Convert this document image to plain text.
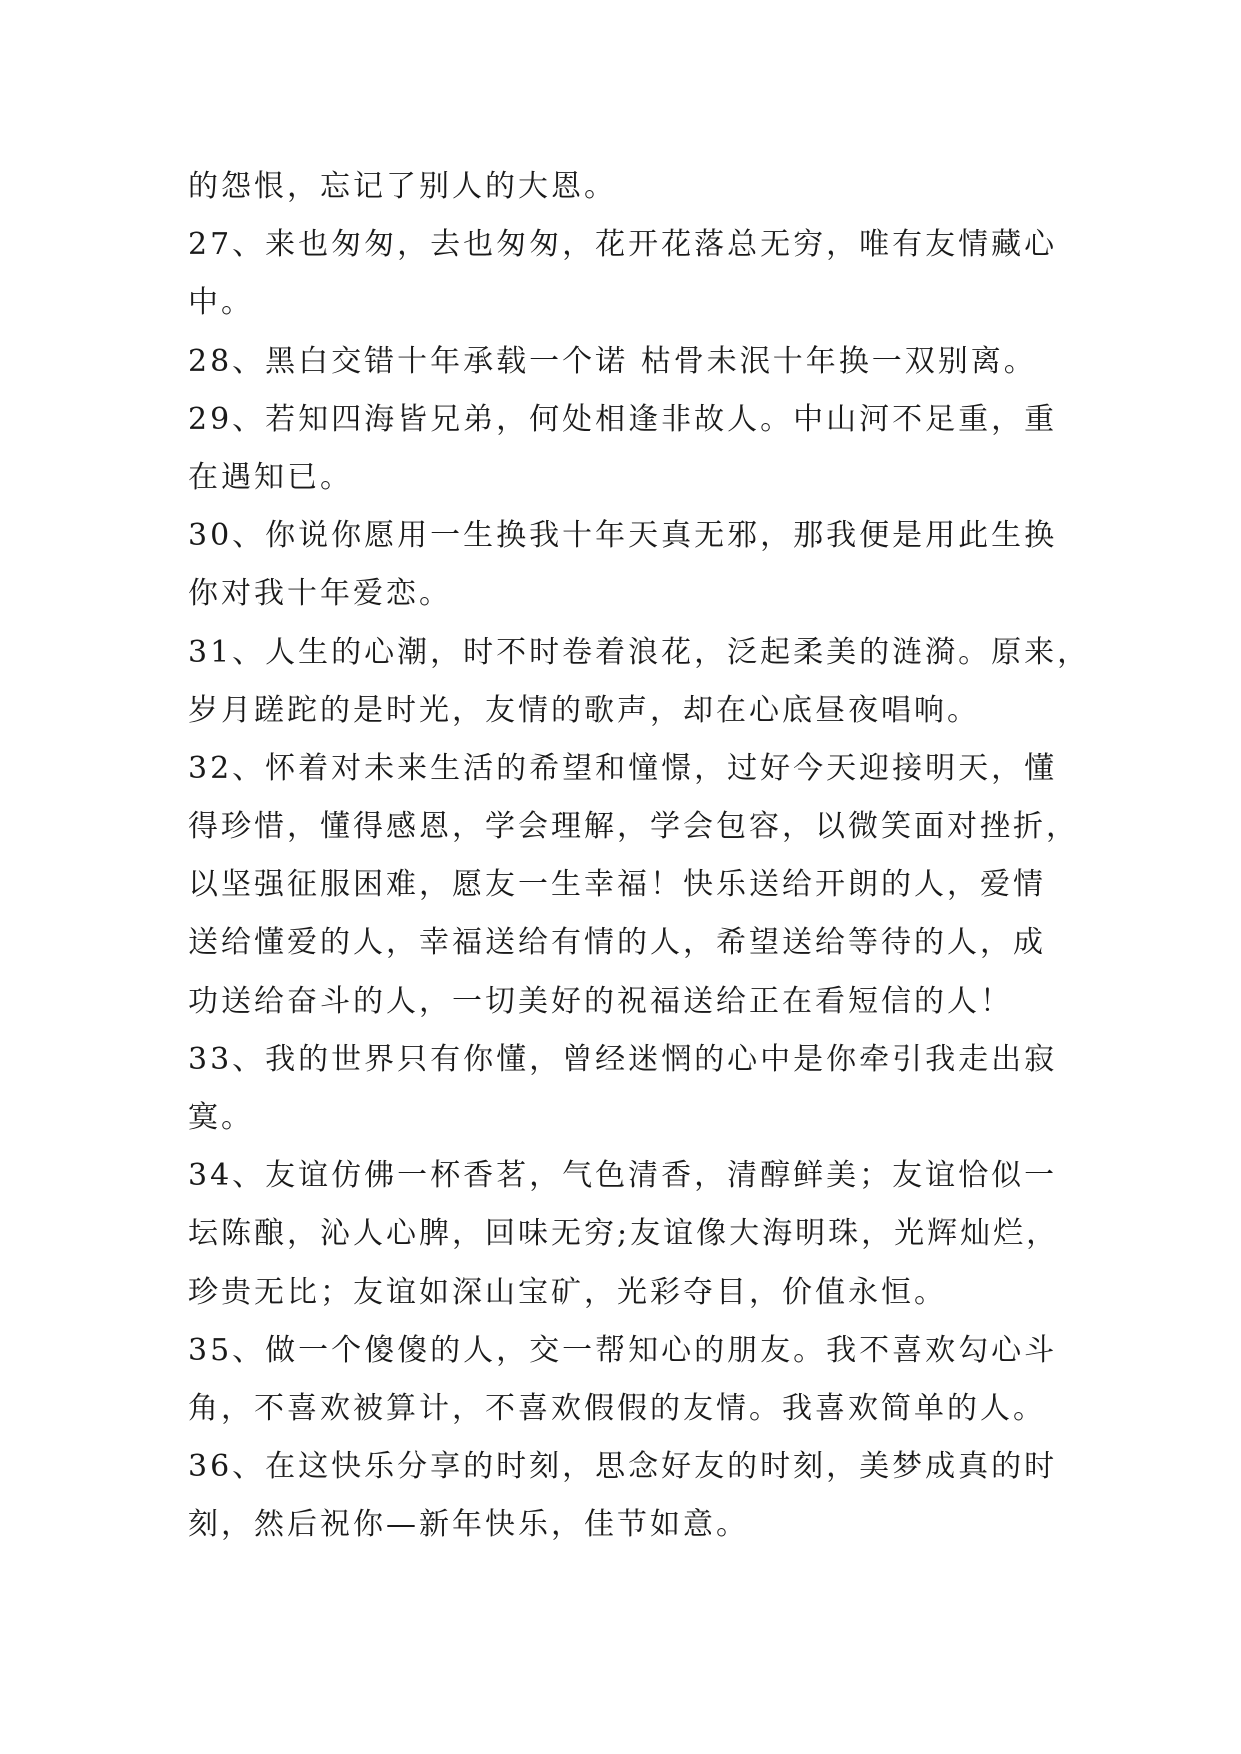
的怨恨，忘记了别人的大恩。
27、来也匆匆，去也匆匆，花开花落总无穷，唯有友情藏心
中。
28、黑白交错十年承载一个诺 枯骨未泯十年换一双别离。
29、若知四海皆兄弟，何处相逢非故人。中山河不足重，重
在遇知已。
30、你说你愿用一生换我十年天真无邪，那我便是用此生换
你对我十年爱恋。
31、人生的心潮，时不时卷着浪花，泛起柔美的涟漪。原来，
岁月蹉跎的是时光，友情的歌声，却在心底昼夜唱响。
32、怀着对未来生活的希望和憧憬，过好今天迎接明天，懂
得珍惜，懂得感恩，学会理解，学会包容，以微笑面对挫折，
以坚强征服困难，愿友一生幸福！快乐送给开朗的人，爱情
送给懂爱的人，幸福送给有情的人，希望送给等待的人，成
功送给奋斗的人，一切美好的祝福送给正在看短信的人！
33、我的世界只有你懂，曾经迷惘的心中是你牵引我走出寂
寞。
34、友谊仿佛一杯香茗，气色清香，清醇鲜美；友谊恰似一
坛陈酿，沁人心脾，回味无穷;友谊像大海明珠，光辉灿烂，
珍贵无比；友谊如深山宝矿，光彩夺目，价值永恒。
35、做一个傻傻的人，交一帮知心的朋友。我不喜欢勾心斗
角，不喜欢被算计，不喜欢假假的友情。我喜欢简单的人。
36、在这快乐分享的时刻，思念好友的时刻，美梦成真的时
刻，然后祝你—新年快乐，佳节如意。
